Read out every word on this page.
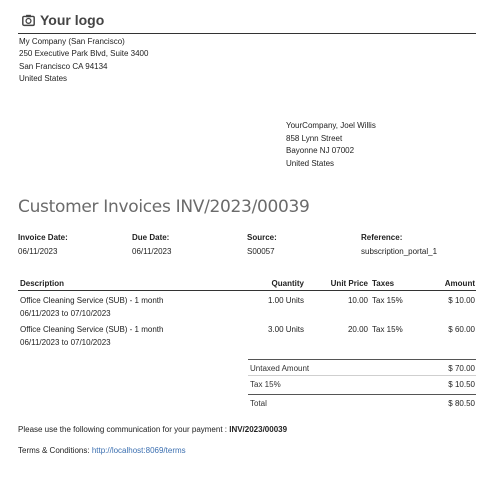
Your logo
My Company (San Francisco)
250 Executive Park Blvd, Suite 3400
San Francisco CA 94134
United States
YourCompany, Joel Willis
858 Lynn Street
Bayonne NJ 07002
United States
Customer Invoices INV/2023/00039
Invoice Date:
06/11/2023
Due Date:
06/11/2023
Source:
S00057
Reference:
subscription_portal_1
Description	Quantity	Unit Price Taxes	Amount
Office Cleaning Service (SUB) - 1 month
06/11/2023 to 07/10/2023
1.00 Units	10.00 Tax 15%	$ 10.00
Office Cleaning Service (SUB) - 1 month
06/11/2023 to 07/10/2023
3.00 Units	20.00 Tax 15%	$ 60.00
Untaxed Amount	$ 70.00
Tax 15%	$ 10.50
Total	$ 80.50
Please use the following communication for your payment : INV/2023/00039
Terms & Conditions: http://localhost:8069/terms
